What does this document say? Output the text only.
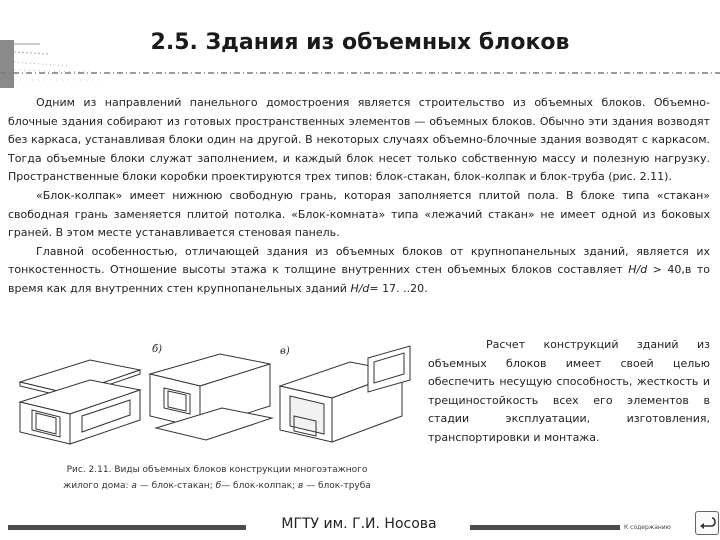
2.5. Здания из объемных блоков

Одним из направлений панельного домостроения является строительство из объемных блоков. Объемно-блочные здания собирают из готовых пространственных элементов — объемных блоков. Обычно эти здания возводят без каркаса, устанавливая блоки один на другой. В некоторых случаях объемно-блочные здания возводят с каркасом. Тогда объемные блоки служат заполнением, и каждый блок несет только собственную массу и полезную нагрузку. Пространственные блоки коробки проектируются трех типов: блок-стакан, блок-колпак и блок-труба (рис. 2.11).

«Блок-колпак» имеет нижнюю свободную грань, которая заполняется плитой пола. В блоке типа «стакан» свободная грань заменяется плитой потолка. «Блок-комната» типа «лежачий стакан» не имеет одной из боковых граней. В этом месте устанавливается стеновая панель.

Главной особенностью, отличающей здания из объемных блоков от крупнопанельных зданий, является их тонкостенность. Отношение высоты этажа к толщине внутренних стен объемных блоков составляет H/d > 40,в то время как для внутренних стен крупнопанельных зданий H/d= 17. ..20.

б)	в)
Рис. 2.11. Виды объемных блоков конструкции многоэтажного
жилого дома: а — блок-стакан; б— блок-колпак; в — блок-труба

Расчет конструкций зданий из объемных блоков имеет своей целью обеспечить несущую способность, жесткость и трещиностойкость всех его элементов в стадии эксплуатации, изготовления, транспортировки и монтажа.

МГТУ им. Г.И. Носова	К содержанию
